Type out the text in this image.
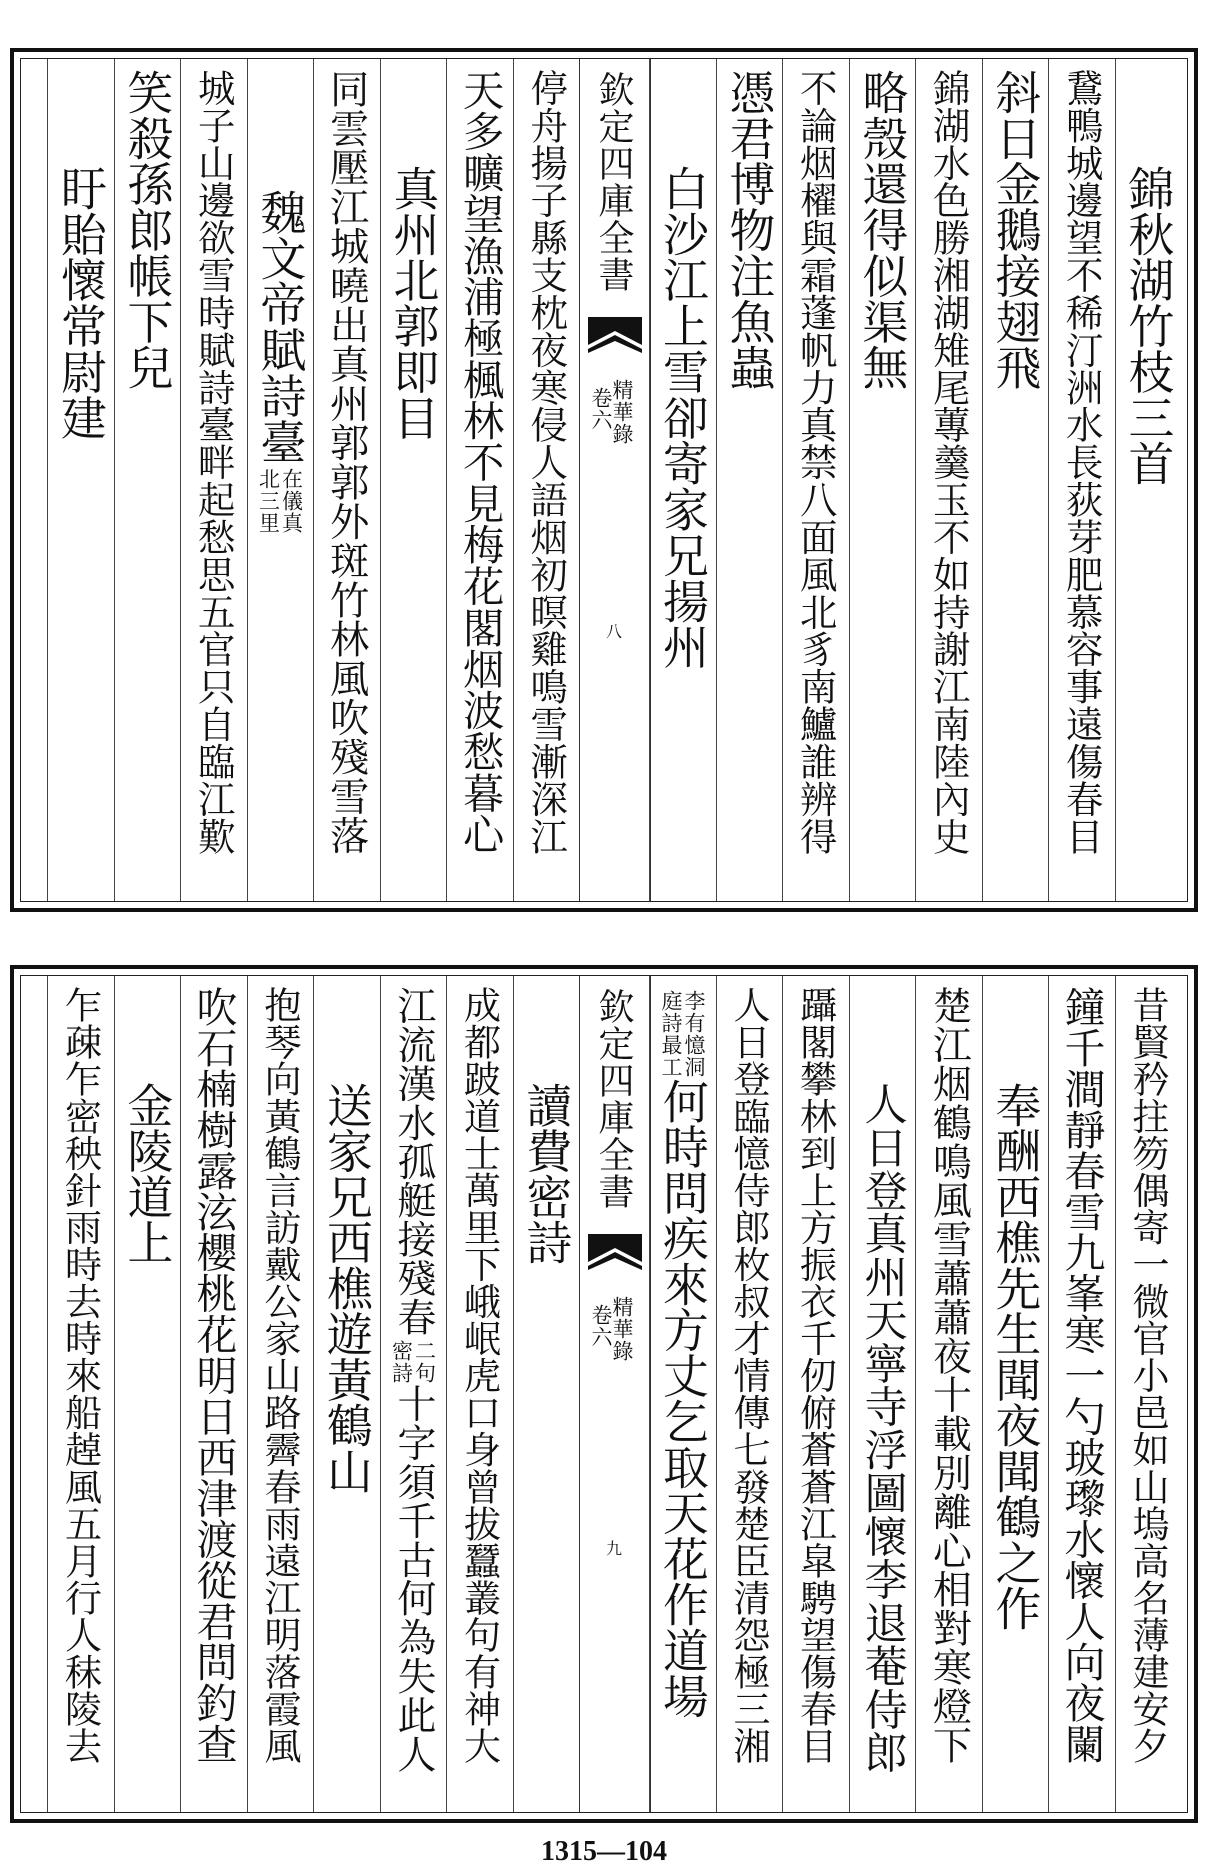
欽定四庫全書
精華錄
卷六
八
錦秋湖竹枝三首
鵞鴨城邊望不稀汀洲水長荻芽肥慕容事遠傷春目
斜日金鵝接翅飛
錦湖水色勝湘湖雉尾蓴羹玉不如持謝江南陸內史
略殼還得似渠無
不論烟櫂與霜蓬帆力真禁八面風北豸南鱸誰辨得
憑君博物注魚蟲
白沙江上雪卻寄家兄揚州
停舟揚子縣支枕夜寒侵人語烟初暝雞鳴雪漸深江
天多曠望漁浦極楓林不見梅花閣烟波愁暮心
真州北郭即目
同雲壓江城曉出真州郭郭外斑竹林風吹殘雪落
魏文帝賦詩臺
在儀真
北三里
城子山邊欲雪時賦詩臺畔起愁思五官只自臨江歎
笑殺孫郎帳下兒
盱貽懷常尉建
欽定四庫全書
精華錄
卷六
九	昔賢矜拄笏偶寄一微官小邑如山塢高名薄建安夕
鐘千澗靜春雪九峯寒一勺玻瓈水懷人向夜闌
奉酬西樵先生聞夜聞鶴之作
楚江烟鶴鳴風雪蕭蕭夜十載別離心相對寒燈下
人日登真州天寧寺浮圖懷李退菴侍郎
躡閣攀林到上方振衣千仞俯蒼蒼江皐騁望傷春目
人日登臨憶侍郎枚叔才情傳七發楚臣清怨極三湘
李有憶洞
庭詩最工
何時問疾來方丈乞取天花作道場
讀費密詩
成都跛道士萬里下峨岷虎口身曾拔蠶叢句有神大
江流漢水孤艇接殘春
二句
密詩
十字須千古何為失此人
送家兄西樵遊黃鶴山
抱琴向黃鶴言訪戴公家山路霽春雨遠江明落霞風
吹石楠樹露泫櫻桃花明日西津渡從君問釣查
金陵道上
乍疎乍密秧針雨時去時來船趠風五月行人秣陵去
1315—104
